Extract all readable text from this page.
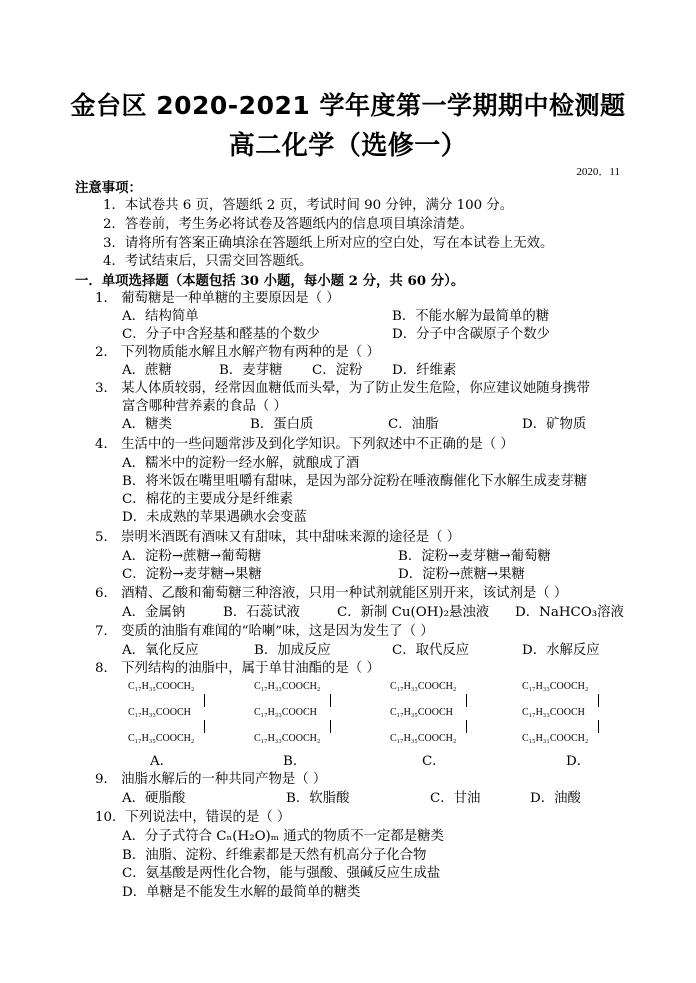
金台区 2020-2021 学年度第一学期期中检测题
高二化学（选修一）
2020．11
注意事项：
1．本试卷共 6 页，答题纸 2 页，考试时间 90 分钟，满分 100 分。
2．答卷前，考生务必将试卷及答题纸内的信息项目填涂清楚。
3．请将所有答案正确填涂在答题纸上所对应的空白处，写在本试卷上无效。
4．考试结束后，只需交回答题纸。
一．单项选择题（本题包括 30 小题，每小题 2 分，共 60 分）。
1． 葡萄糖是一种单糖的主要原因是（ ）
A．结构简单	B．不能水解为最简单的糖
C．分子中含羟基和醛基的个数少	D．分子中含碳原子个数少
2． 下列物质能水解且水解产物有两种的是（ ）
A．蔗糖	B．麦芽糖 C．淀粉 D．纤维素
3． 某人体质较弱，经常因血糖低而头晕，为了防止发生危险，你应建议她随身携带
富含哪种营养素的食品（ ）
A．糖类	B．蛋白质	C．油脂	D．矿物质
4． 生活中的一些问题常涉及到化学知识。下列叙述中不正确的是（ ）
A．糯米中的淀粉一经水解，就酿成了酒
B．将米饭在嘴里咀嚼有甜味，是因为部分淀粉在唾液酶催化下水解生成麦芽糖
C．棉花的主要成分是纤维素
D．未成熟的苹果遇碘水会变蓝
5． 崇明米酒既有酒味又有甜味，其中甜味来源的途径是（ ）
A．淀粉→蔗糖→葡萄糖	B．淀粉→麦芽糖→葡萄糖
C．淀粉→麦芽糖→果糖	D．淀粉→蔗糖→果糖
6． 酒精、乙酸和葡萄糖三种溶液，只用一种试剂就能区别开来，该试剂是（ ）
A．金属钠	B．石蕊试液	C．新制 Cu(OH)₂悬浊液 D．NaHCO₃溶液
7． 变质的油脂有难闻的“哈喇”味，这是因为发生了（ ）
A．氧化反应	B．加成反应	C．取代反应	D．水解反应
8． 下列结构的油脂中，属于单甘油酯的是（ ）
C₁₇H₃₅COOCH₂
C₁₇H₃₃COOCH
C₁₇H₃₅COOCH₂
A．
C₁₇H₃₃COOCH₂
C₁₇H₃₃COOCH
C₁₇H₃₃COOCH₂
B．
C₁₇H₃₃COOCH₂
C₁₇H₃₅COOCH
C₁₇H₃₅COOCH₂
C．
C₁₇H₃₃COOCH₂
C₁₇H₃₃COOCH
C₁₅H₃₁COOCH₂
D．
9． 油脂水解后的一种共同产物是（ ）
A．硬脂酸	B．软脂酸	C．甘油	D．油酸
10．下列说法中，错误的是（ ）
A．分子式符合 Cₙ(H₂O)ₘ 通式的物质不一定都是糖类
B．油脂、淀粉、纤维素都是天然有机高分子化合物
C．氨基酸是两性化合物，能与强酸、强碱反应生成盐
D．单糖是不能发生水解的最简单的糖类
